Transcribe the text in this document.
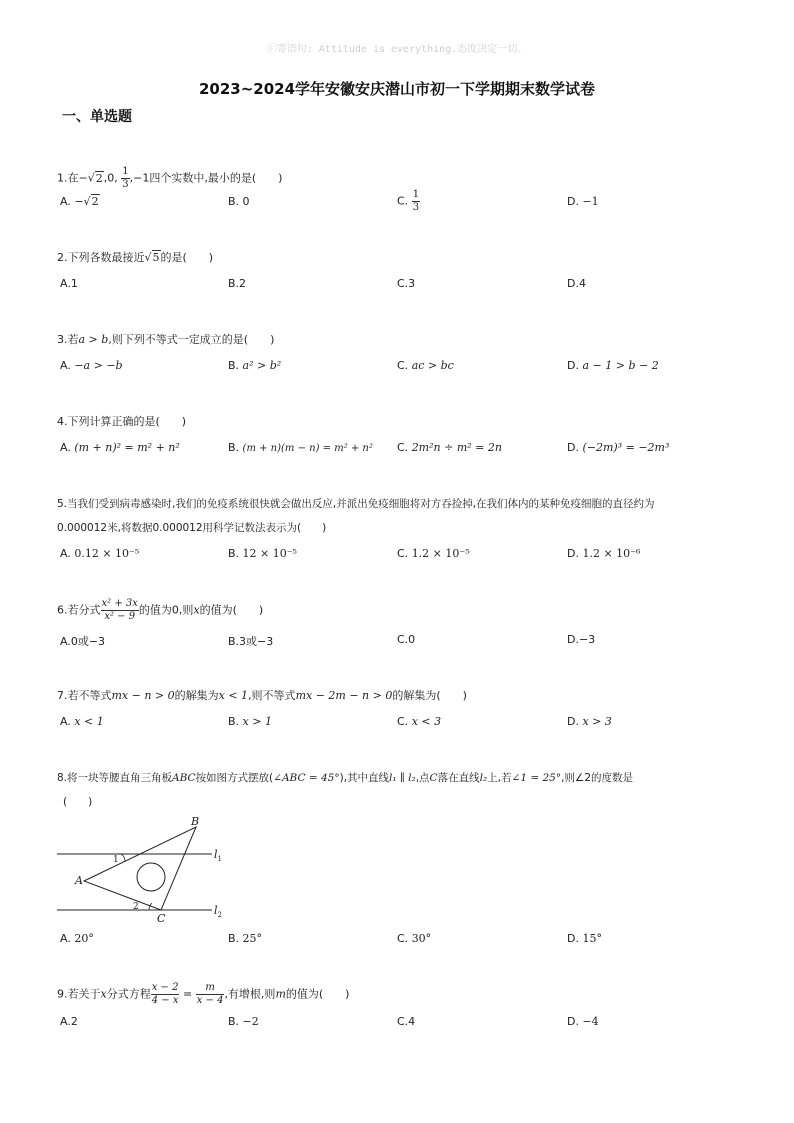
ⓒ寄语句: Attitude is everything.态度决定一切。
2023~2024学年安徽安庆潜山市初一下学期期末数学试卷
一、单选题
1.在−√2,0, $\frac{1}{3} ,-1$四个实数中,最小的是(　　)
A. −√2	B. 0	C. $\frac{1}{3}$	D. −1
2.下列各数最接近√5的是(　　)
A.1	B.2	C.3	D.4
3.若a > b,则下列不等式一定成立的是(　　)
A. −a > −b	B. a² > b²	C. ac > bc	D. a − 1 > b − 2
4.下列计算正确的是(　　)
A. (m + n)² = m² + n²	B. (m + n)(m − n) = m² + n² C. 2m²n ÷ m² = 2n	D. (−2m)³ = −2m³
5.当我们受到病毒感染时,我们的免疫系统很快就会做出反应,并派出免疫细胞将对方吞捡掉,在我们体内的某种免疫细胞的直径约为
0.000012米,将数据0.000012用科学记数法表示为(　　)
A. 0.12 × 10⁻⁵	B. 12 × 10⁻⁵	C. 1.2 × 10⁻⁵	D. 1.2 × 10⁻⁶
6.若分式 $\frac{\text{x² + 3x}}{\text{x² − 9}}$ 的值为0,则x的值为(　　)
A.0或−3	B.3或−3	C.0	D.−3
7.若不等式mx − n > 0的解集为x < 1,则不等式mx − 2m − n > 0的解集为(　　)
A. x < 1	B. x > 1	C. x < 3	D. x > 3
8.将一块等腰直角三角板ABC按如图方式摆放(∠ABC = 45°),其中直线l₁ ∥ l₂,点C落在直线l₂上,若∠1 = 25°,则∠2的度数是
(　　)
B
A
C
1
2
$l_1$
$l_2$
A. 20°	B. 25°	C. 30°	D. 15°
9.若关于x分式方程 $\frac{x - 2}{4 - x} = \frac{m}{x - 4}$ ,有增根,则m的值为(　　)
A.2	B. −2	C.4	D. −4
